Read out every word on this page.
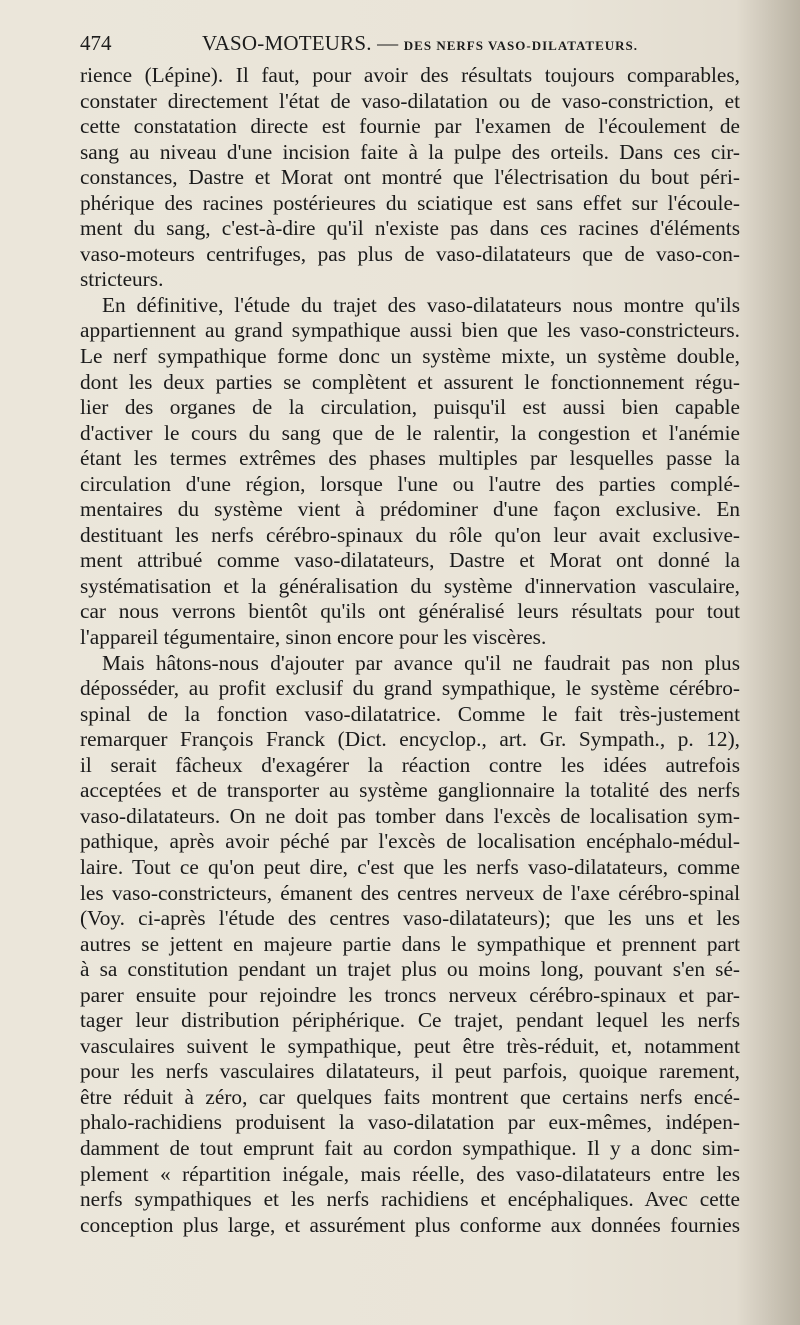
474	VASO-MOTEURS. — DES NERFS VASO-DILATATEURS.
rience (Lépine). Il faut, pour avoir des résultats toujours comparables,
constater directement l'état de vaso-dilatation ou de vaso-constriction, et
cette constatation directe est fournie par l'examen de l'écoulement de
sang au niveau d'une incision faite à la pulpe des orteils. Dans ces cir-
constances, Dastre et Morat ont montré que l'électrisation du bout péri-
phérique des racines postérieures du sciatique est sans effet sur l'écoule-
ment du sang, c'est-à-dire qu'il n'existe pas dans ces racines d'éléments
vaso-moteurs centrifuges, pas plus de vaso-dilatateurs que de vaso-con-
stricteurs.
En définitive, l'étude du trajet des vaso-dilatateurs nous montre qu'ils
appartiennent au grand sympathique aussi bien que les vaso-constricteurs.
Le nerf sympathique forme donc un système mixte, un système double,
dont les deux parties se complètent et assurent le fonctionnement régu-
lier des organes de la circulation, puisqu'il est aussi bien capable
d'activer le cours du sang que de le ralentir, la congestion et l'anémie
étant les termes extrêmes des phases multiples par lesquelles passe la
circulation d'une région, lorsque l'une ou l'autre des parties complé-
mentaires du système vient à prédominer d'une façon exclusive. En
destituant les nerfs cérébro-spinaux du rôle qu'on leur avait exclusive-
ment attribué comme vaso-dilatateurs, Dastre et Morat ont donné la
systématisation et la généralisation du système d'innervation vasculaire,
car nous verrons bientôt qu'ils ont généralisé leurs résultats pour tout
l'appareil tégumentaire, sinon encore pour les viscères.
Mais hâtons-nous d'ajouter par avance qu'il ne faudrait pas non plus
déposséder, au profit exclusif du grand sympathique, le système cérébro-
spinal de la fonction vaso-dilatatrice. Comme le fait très-justement
remarquer François Franck (Dict. encyclop., art. Gr. Sympath., p. 12),
il serait fâcheux d'exagérer la réaction contre les idées autrefois
acceptées et de transporter au système ganglionnaire la totalité des nerfs
vaso-dilatateurs. On ne doit pas tomber dans l'excès de localisation sym-
pathique, après avoir péché par l'excès de localisation encéphalo-médul-
laire. Tout ce qu'on peut dire, c'est que les nerfs vaso-dilatateurs, comme
les vaso-constricteurs, émanent des centres nerveux de l'axe cérébro-spinal
(Voy. ci-après l'étude des centres vaso-dilatateurs); que les uns et les
autres se jettent en majeure partie dans le sympathique et prennent part
à sa constitution pendant un trajet plus ou moins long, pouvant s'en sé-
parer ensuite pour rejoindre les troncs nerveux cérébro-spinaux et par-
tager leur distribution périphérique. Ce trajet, pendant lequel les nerfs
vasculaires suivent le sympathique, peut être très-réduit, et, notamment
pour les nerfs vasculaires dilatateurs, il peut parfois, quoique rarement,
être réduit à zéro, car quelques faits montrent que certains nerfs encé-
phalo-rachidiens produisent la vaso-dilatation par eux-mêmes, indépen-
damment de tout emprunt fait au cordon sympathique. Il y a donc sim-
plement « répartition inégale, mais réelle, des vaso-dilatateurs entre les
nerfs sympathiques et les nerfs rachidiens et encéphaliques. Avec cette
conception plus large, et assurément plus conforme aux données fournies
